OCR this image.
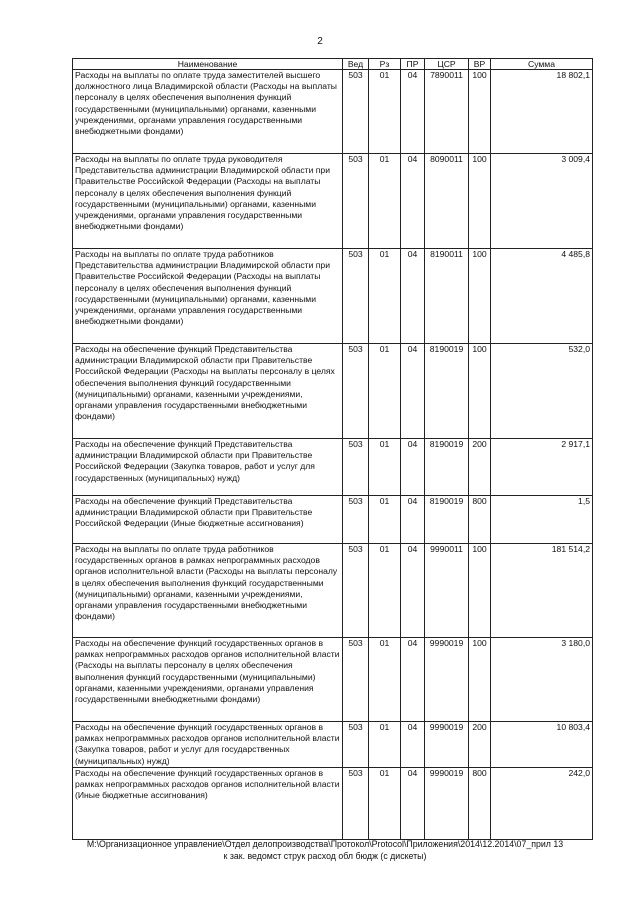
2
Наименование	Вед	Рз	ПР	ЦСР	ВР	Сумма
Расходы на выплаты по оплате труда заместителей высшего должностного лица Владимирской области (Расходы на выплаты персоналу в целях обеспечения выполнения функций государственными (муниципальными) органами, казенными учреждениями, органами управления государственными внебюджетными фондами)	503	01	04	7890011	100	18 802,1
Расходы на выплаты по оплате труда руководителя Представительства администрации Владимирской области при Правительстве Российской Федерации (Расходы на выплаты персоналу в целях обеспечения выполнения функций государственными (муниципальными) органами, казенными учреждениями, органами управления государственными внебюджетными фондами)	503	01	04	8090011	100	3 009,4
Расходы на выплаты по оплате труда работников Представительства администрации Владимирской области при Правительстве Российской Федерации (Расходы на выплаты персоналу в целях обеспечения выполнения функций государственными (муниципальными) органами, казенными учреждениями, органами управления государственными внебюджетными фондами)	503	01	04	8190011	100	4 485,8
Расходы на обеспечение функций Представительства администрации Владимирской области при Правительстве Российской Федерации (Расходы на выплаты персоналу в целях обеспечения выполнения функций государственными (муниципальными) органами, казенными учреждениями, органами управления государственными внебюджетными фондами)	503	01	04	8190019	100	532,0
Расходы на обеспечение функций Представительства администрации Владимирской области при Правительстве Российской Федерации (Закупка товаров, работ и услуг для государственных (муниципальных) нужд)	503	01	04	8190019	200	2 917,1
Расходы на обеспечение функций Представительства администрации Владимирской области при Правительстве Российской Федерации (Иные бюджетные ассигнования)	503	01	04	8190019	800	1,5
Расходы на выплаты по оплате труда работников государственных органов в рамках непрограммных расходов органов исполнительной власти (Расходы на выплаты персоналу в целях обеспечения выполнения функций государственными (муниципальными) органами, казенными учреждениями, органами управления государственными внебюджетными фондами)	503	01	04	9990011	100	181 514,2
Расходы на обеспечение функций государственных органов в рамках непрограммных расходов органов исполнительной власти (Расходы на выплаты персоналу в целях обеспечения выполнения функций государственными (муниципальными) органами, казенными учреждениями, органами управления государственными внебюджетными фондами)	503	01	04	9990019	100	3 180,0
Расходы на обеспечение функций государственных органов в рамках непрограммных расходов органов исполнительной власти (Закупка товаров, работ и услуг для государственных (муниципальных) нужд)	503	01	04	9990019	200	10 803,4
Расходы на обеспечение функций государственных органов в рамках непрограммных расходов органов исполнительной власти (Иные бюджетные ассигнования)	503	01	04	9990019	800	242,0
М:\Организационное управление\Отдел делопроизводства\Протокол\Protocol\Приложения\2014\12.2014\07_прил 13
к зак. ведомст струк расход обл бюдж (с дискеты)
